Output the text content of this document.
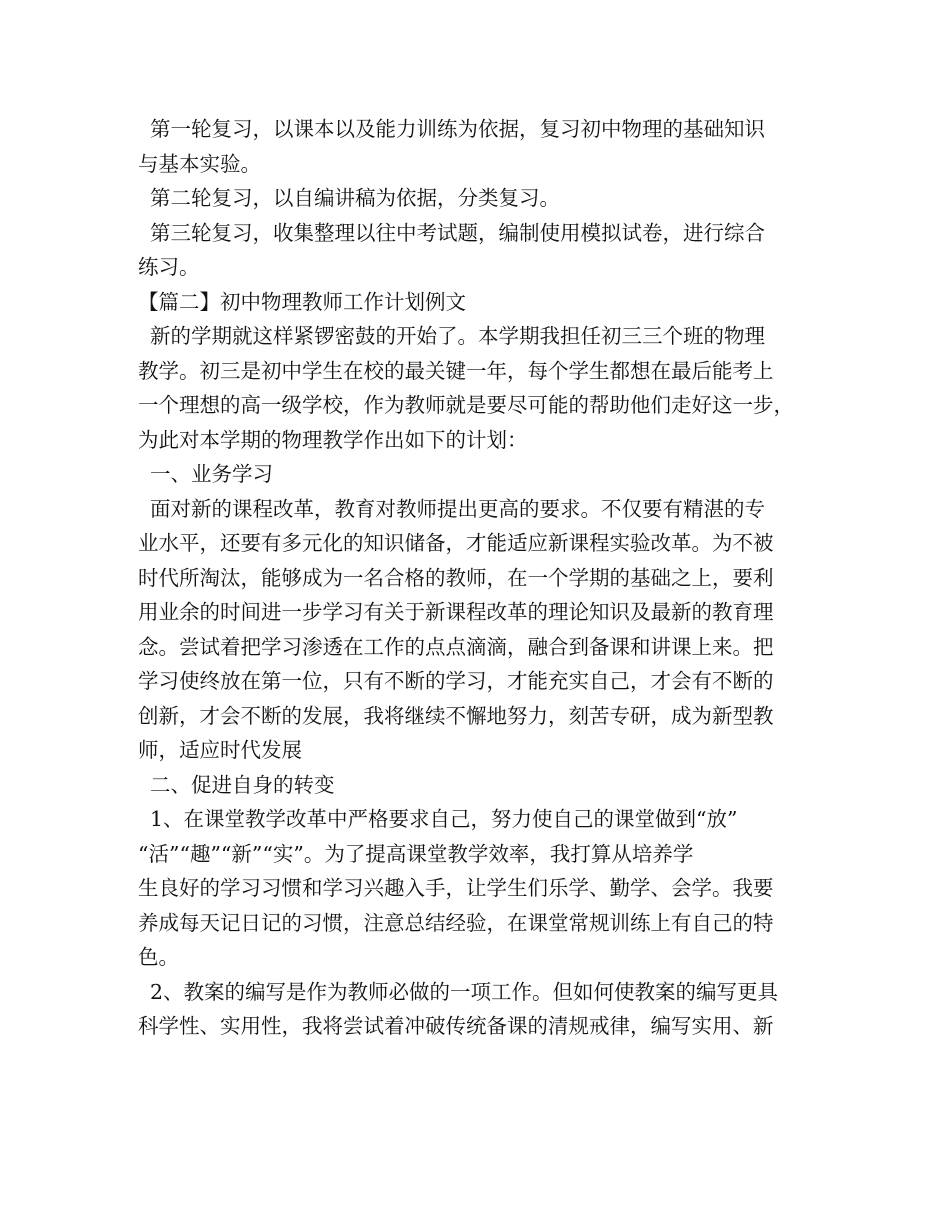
第一轮复习，以课本以及能力训练为依据，复习初中物理的基础知识
与基本实验。
第二轮复习，以自编讲稿为依据，分类复习。
第三轮复习，收集整理以往中考试题，编制使用模拟试卷，进行综合
练习。
【篇二】初中物理教师工作计划例文
新的学期就这样紧锣密鼓的开始了。本学期我担任初三三个班的物理
教学。初三是初中学生在校的最关键一年，每个学生都想在最后能考上
一个理想的高一级学校，作为教师就是要尽可能的帮助他们走好这一步，
为此对本学期的物理教学作出如下的计划：
一、业务学习
面对新的课程改革，教育对教师提出更高的要求。不仅要有精湛的专
业水平，还要有多元化的知识储备，才能适应新课程实验改革。为不被
时代所淘汰，能够成为一名合格的教师，在一个学期的基础之上，要利
用业余的时间进一步学习有关于新课程改革的理论知识及最新的教育理
念。尝试着把学习渗透在工作的点点滴滴，融合到备课和讲课上来。把
学习使终放在第一位，只有不断的学习，才能充实自己，才会有不断的
创新，才会不断的发展，我将继续不懈地努力，刻苦专研，成为新型教
师，适应时代发展
二、促进自身的转变
1、在课堂教学改革中严格要求自己，努力使自己的课堂做到“放”
“活”“趣”“新”“实”。为了提高课堂教学效率，我打算从培养学
生良好的学习习惯和学习兴趣入手，让学生们乐学、勤学、会学。我要
养成每天记日记的习惯，注意总结经验，在课堂常规训练上有自己的特
色。
2、教案的编写是作为教师必做的一项工作。但如何使教案的编写更具
科学性、实用性，我将尝试着冲破传统备课的清规戒律，编写实用、新
